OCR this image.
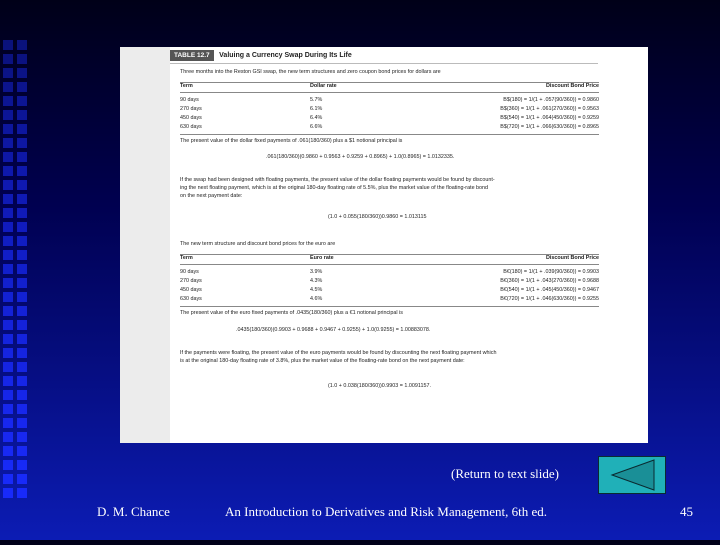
TABLE 12.7 Valuing a Currency Swap During Its Life
Three months into the Reston GSI swap, the new term structures and zero coupon bond prices for dollars are
Term	Dollar rate	Discount Bond Price
90 days	5.7%	B$(180) = 1/(1 + .057(90/360)) = 0.9860
270 days	6.1%	B$(360) = 1/(1 + .061(270/360)) = 0.9563
450 days	6.4%	B$(540) = 1/(1 + .064(450/360)) = 0.9259
630 days	6.6%	B$(720) = 1/(1 + .066(630/360)) = 0.8965
The present value of the dollar fixed payments of .061(180/360) plus a $1 notional principal is
.061(180/360)(0.9860 + 0.9563 + 0.9259 + 0.8965) + 1.0(0.8965) = 1.0132335.
If the swap had been designed with floating payments, the present value of the dollar floating payments would be found by discount-
ing the next floating payment, which is at the original 180-day floating rate of 5.5%, plus the market value of the floating-rate bond
on the next payment date:
(1.0 + 0.055(180/360))0.9860 = 1.013115
The new term structure and discount bond prices for the euro are
Term	Euro rate	Discount Bond Price
90 days	3.9%	B€(180) = 1/(1 + .039(90/360)) = 0.9903
270 days	4.3%	B€(360) = 1/(1 + .043(270/360)) = 0.9688
450 days	4.5%	B€(540) = 1/(1 + .045(450/360)) = 0.9467
630 days	4.6%	B€(720) = 1/(1 + .046(630/360)) = 0.9255
The present value of the euro fixed payments of .0435(180/360) plus a €1 notional principal is
.0435(180/360)(0.9903 + 0.9688 + 0.9467 + 0.9255) + 1.0(0.9255) = 1.00883078.
If the payments were floating, the present value of the euro payments would be found by discounting the next floating payment which
is at the original 180-day floating rate of 3.8%, plus the market value of the floating-rate bond on the next payment date:
(1.0 + 0.038(180/360))0.9903 = 1.0091157.
(Return to text slide)
D. M. Chance	An Introduction to Derivatives and Risk Management, 6th ed.	45
